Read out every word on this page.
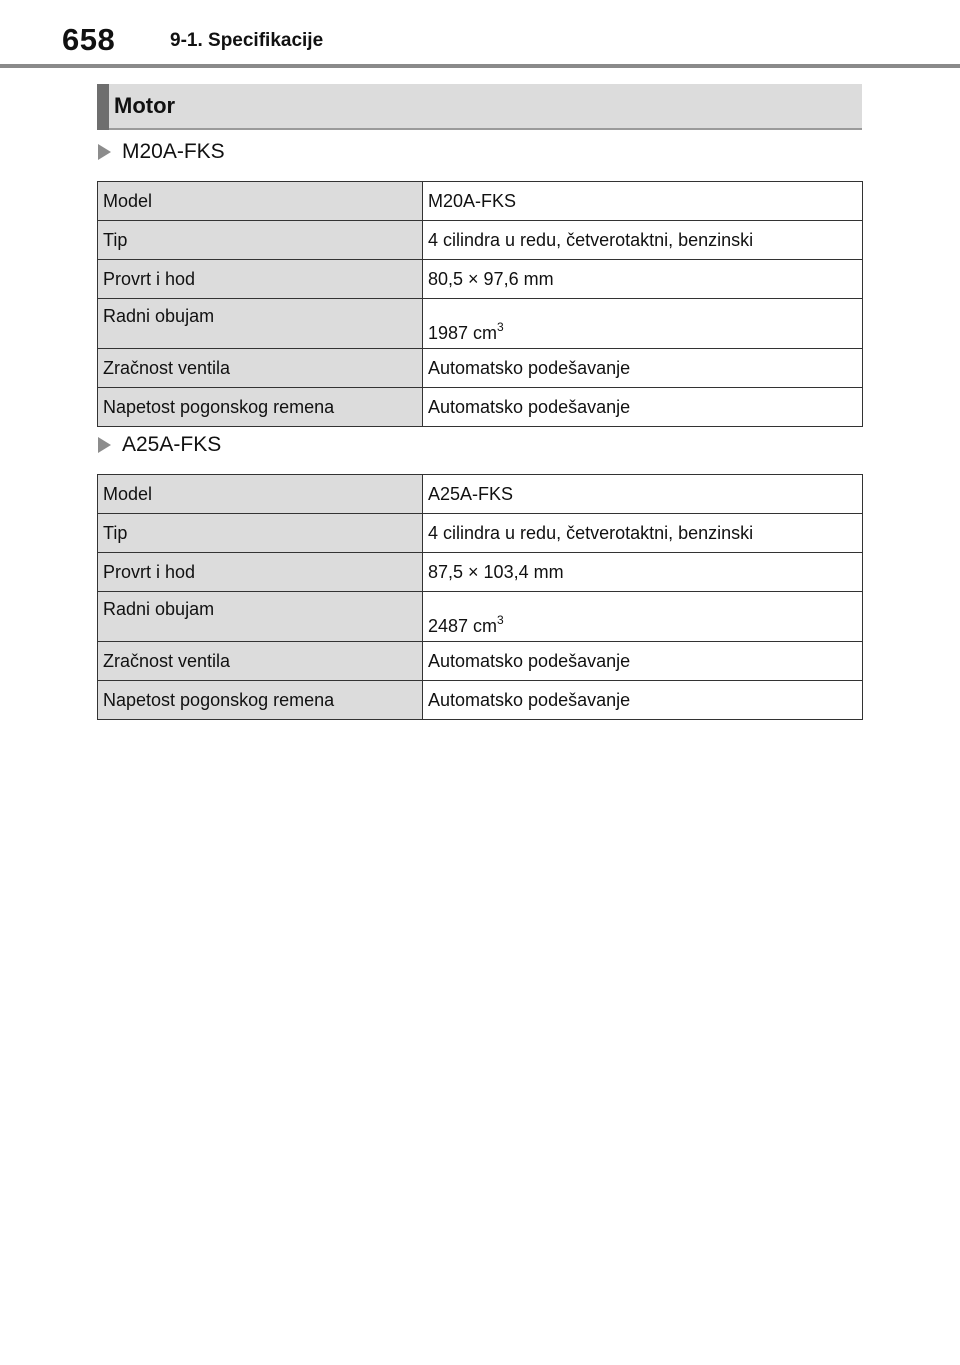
658	9-1. Specifikacije
Motor
M20A-FKS
Model	M20A-FKS
Tip	4 cilindra u redu, četverotaktni, benzinski
Provrt i hod	80,5 × 97,6 mm
Radni obujam	1987 $cm^3$
Zračnost ventila	Automatsko podešavanje
Napetost pogonskog remena	Automatsko podešavanje
A25A-FKS
Model	A25A-FKS
Tip	4 cilindra u redu, četverotaktni, benzinski
Provrt i hod	87,5 × 103,4 mm
Radni obujam	2487 $cm^3$
Zračnost ventila	Automatsko podešavanje
Napetost pogonskog remena	Automatsko podešavanje
